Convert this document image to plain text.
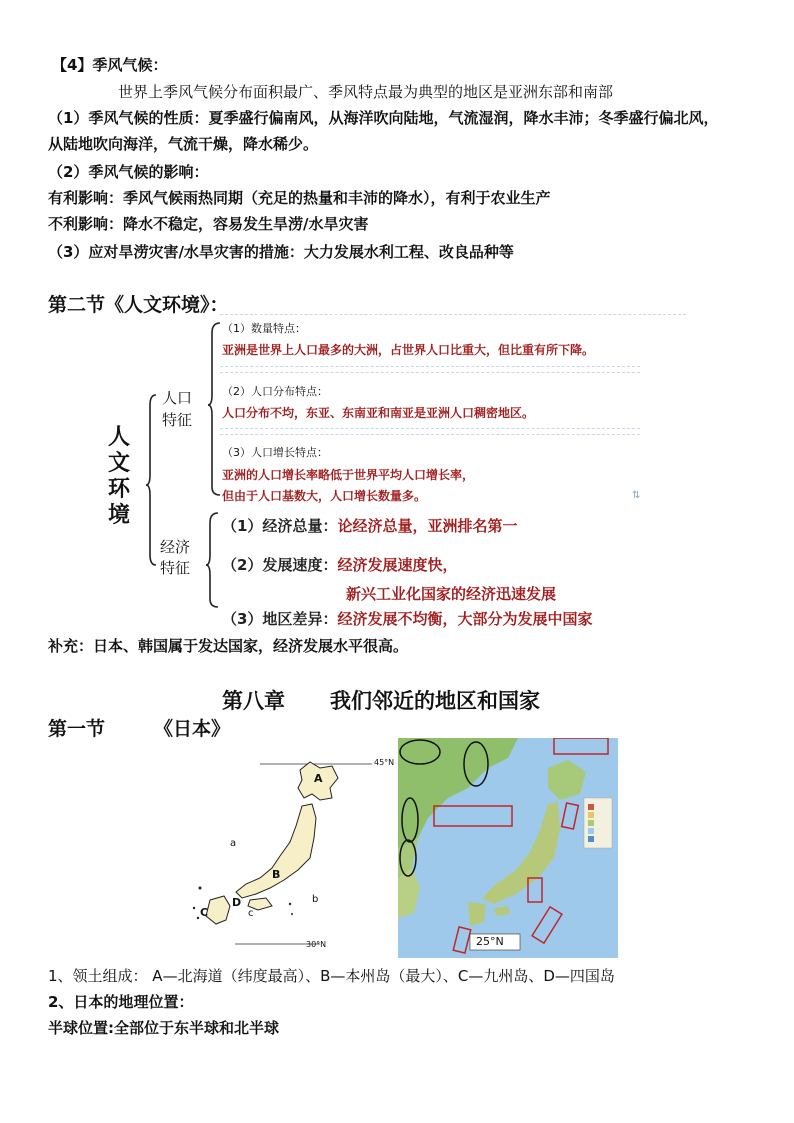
【4】季风气候：
世界上季风气候分布面积最广、季风特点最为典型的地区是亚洲东部和南部
（1）季风气候的性质：夏季盛行偏南风，从海洋吹向陆地，气流湿润，降水丰沛；冬季盛行偏北风，
从陆地吹向海洋，气流干燥，降水稀少。
（2）季风气候的影响：
有利影响：季风气候雨热同期（充足的热量和丰沛的降水），有利于农业生产
不利影响：降水不稳定，容易发生旱涝/水旱灾害
（3）应对旱涝灾害/水旱灾害的措施：大力发展水利工程、改良品种等
第二节《人文环境》：
人
文
环
境
人口
特征
经济
特征
（1）数量特点：
亚洲是世界上人口最多的大洲，占世界人口比重大，但比重有所下降。
（2）人口分布特点：
人口分布不均，东亚、东南亚和南亚是亚洲人口稠密地区。
（3）人口增长特点：
亚洲的人口增长率略低于世界平均人口增长率，
但由于人口基数大，人口增长数量多。	⇅
（1）经济总量：论经济总量，亚洲排名第一
（2）发展速度：经济发展速度快，
新兴工业化国家的经济迅速发展
（3）地区差异：经济发展不均衡，大部分为发展中国家
补充：日本、韩国属于发达国家，经济发展水平很高。
第八章 我们邻近的地区和国家
第一节	《日本》
45°N
30°N
A
B
C
D
a
b
c
25°N
1、领土组成： A—北海道（纬度最高）、B—本州岛（最大）、C—九州岛、D—四国岛
2、日本的地理位置：
半球位置:全部位于东半球和北半球
